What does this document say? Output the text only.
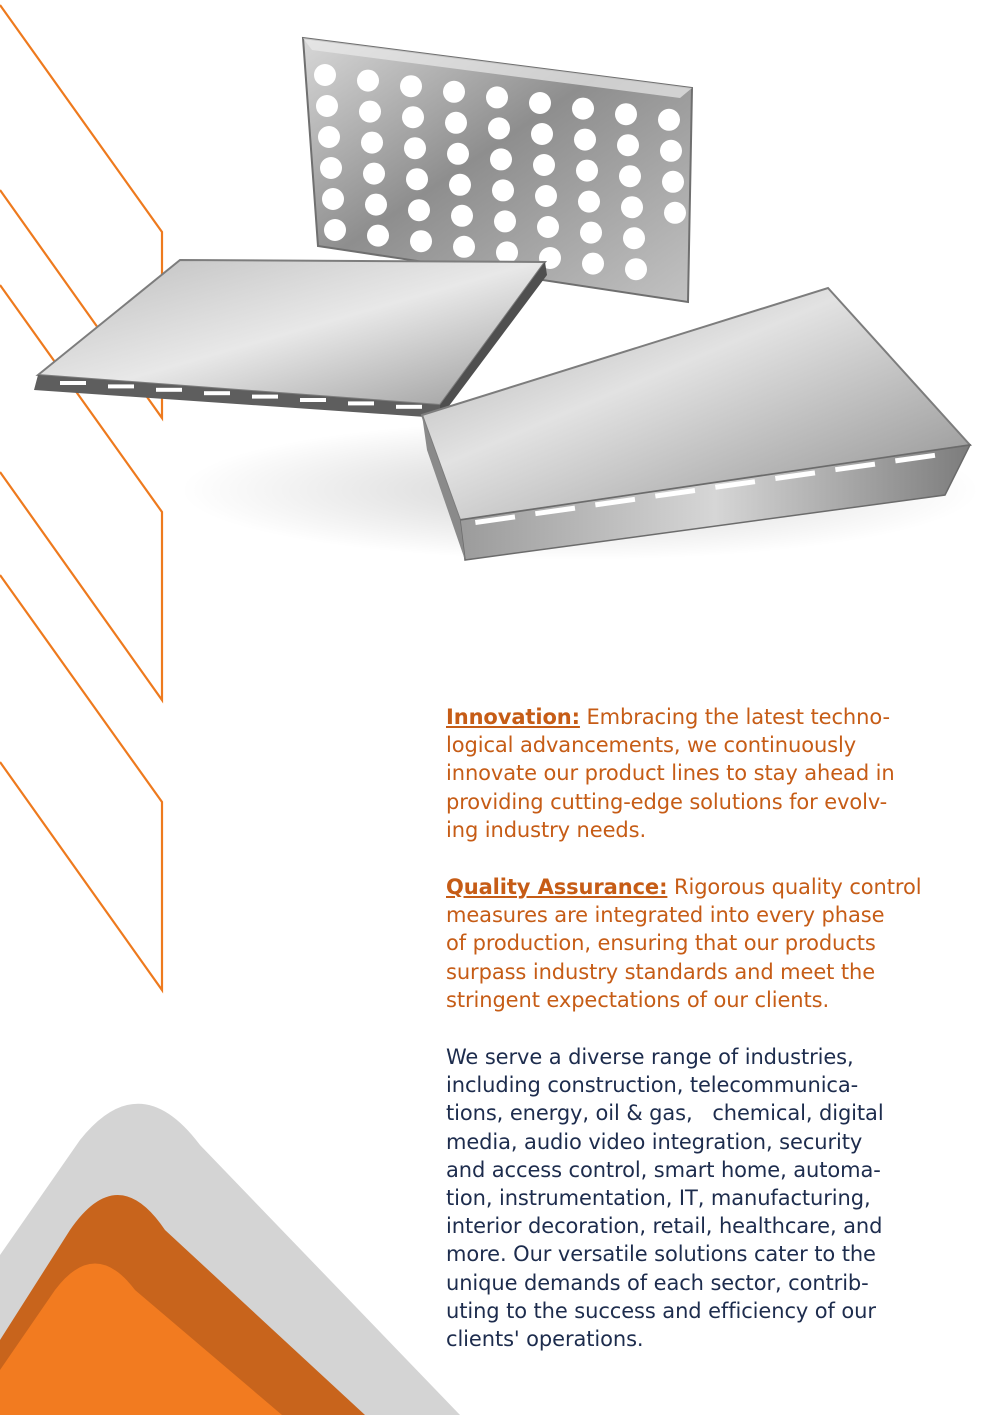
Innovation: Embracing the latest techno-
logical advancements, we continuously
innovate our product lines to stay ahead in
providing cutting-edge solutions for evolv-
ing industry needs.

Quality Assurance: Rigorous quality control
measures are integrated into every phase
of production, ensuring that our products
surpass industry standards and meet the
stringent expectations of our clients.

We serve a diverse range of industries,
including construction, telecommunica-
tions, energy, oil & gas,   chemical, digital
media, audio video integration, security
and access control, smart home, automa-
tion, instrumentation, IT, manufacturing,
interior decoration, retail, healthcare, and
more. Our versatile solutions cater to the
unique demands of each sector, contrib-
uting to the success and efficiency of our
clients' operations.
